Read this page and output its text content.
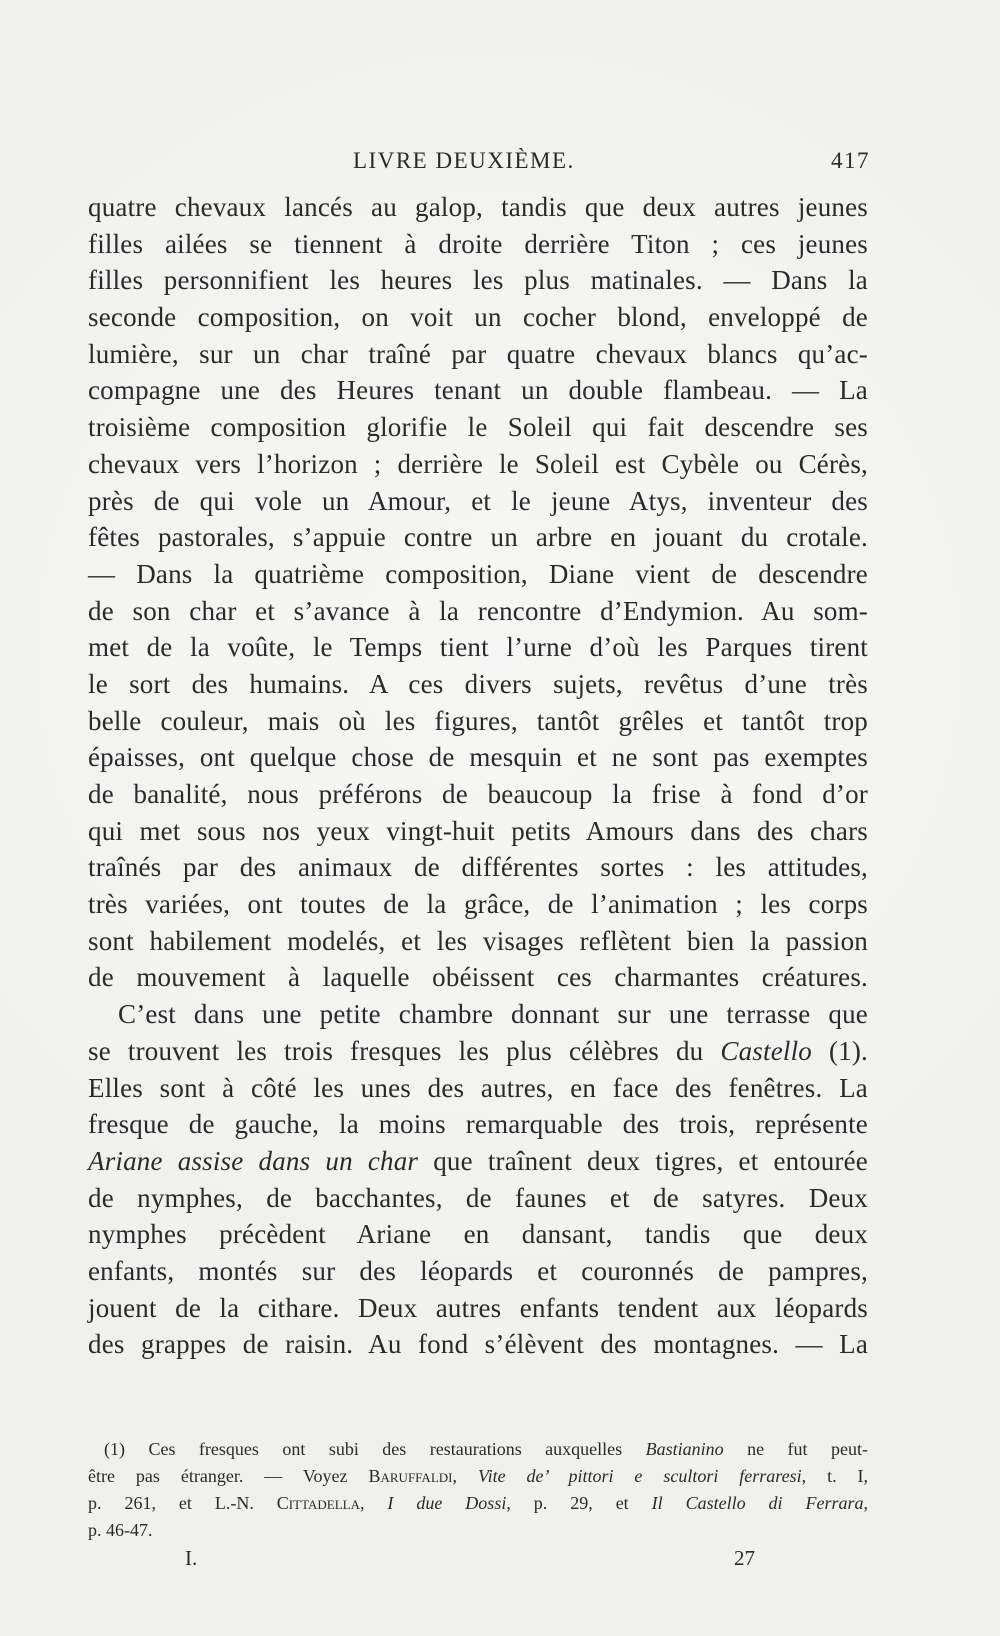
LIVRE DEUXIÈME.	417
quatre chevaux lancés au galop, tandis que deux autres jeunes
filles ailées se tiennent à droite derrière Titon ; ces jeunes
filles personnifient les heures les plus matinales. — Dans la
seconde composition, on voit un cocher blond, enveloppé de
lumière, sur un char traîné par quatre chevaux blancs qu’ac-
compagne une des Heures tenant un double flambeau. — La
troisième composition glorifie le Soleil qui fait descendre ses
chevaux vers l’horizon ; derrière le Soleil est Cybèle ou Cérès,
près de qui vole un Amour, et le jeune Atys, inventeur des
fêtes pastorales, s’appuie contre un arbre en jouant du crotale.
— Dans la quatrième composition, Diane vient de descendre
de son char et s’avance à la rencontre d’Endymion. Au som-
met de la voûte, le Temps tient l’urne d’où les Parques tirent
le sort des humains. A ces divers sujets, revêtus d’une très
belle couleur, mais où les figures, tantôt grêles et tantôt trop
épaisses, ont quelque chose de mesquin et ne sont pas exemptes
de banalité, nous préférons de beaucoup la frise à fond d’or
qui met sous nos yeux vingt-huit petits Amours dans des chars
traînés par des animaux de différentes sortes : les attitudes,
très variées, ont toutes de la grâce, de l’animation ; les corps
sont habilement modelés, et les visages reflètent bien la passion
de mouvement à laquelle obéissent ces charmantes créatures.
C’est dans une petite chambre donnant sur une terrasse que
se trouvent les trois fresques les plus célèbres du Castello (1).
Elles sont à côté les unes des autres, en face des fenêtres. La
fresque de gauche, la moins remarquable des trois, représente
Ariane assise dans un char que traînent deux tigres, et entourée
de nymphes, de bacchantes, de faunes et de satyres. Deux
nymphes précèdent Ariane en dansant, tandis que deux
enfants, montés sur des léopards et couronnés de pampres,
jouent de la cithare. Deux autres enfants tendent aux léopards
des grappes de raisin. Au fond s’élèvent des montagnes. — La
(1) Ces fresques ont subi des restaurations auxquelles Bastianino ne fut peut-
être pas étranger. — Voyez Baruffaldi, Vite de’ pittori e scultori ferraresi, t. I,
p. 261, et L.-N. Cittadella, I due Dossi, p. 29, et Il Castello di Ferrara,
p. 46-47.
I.	27
